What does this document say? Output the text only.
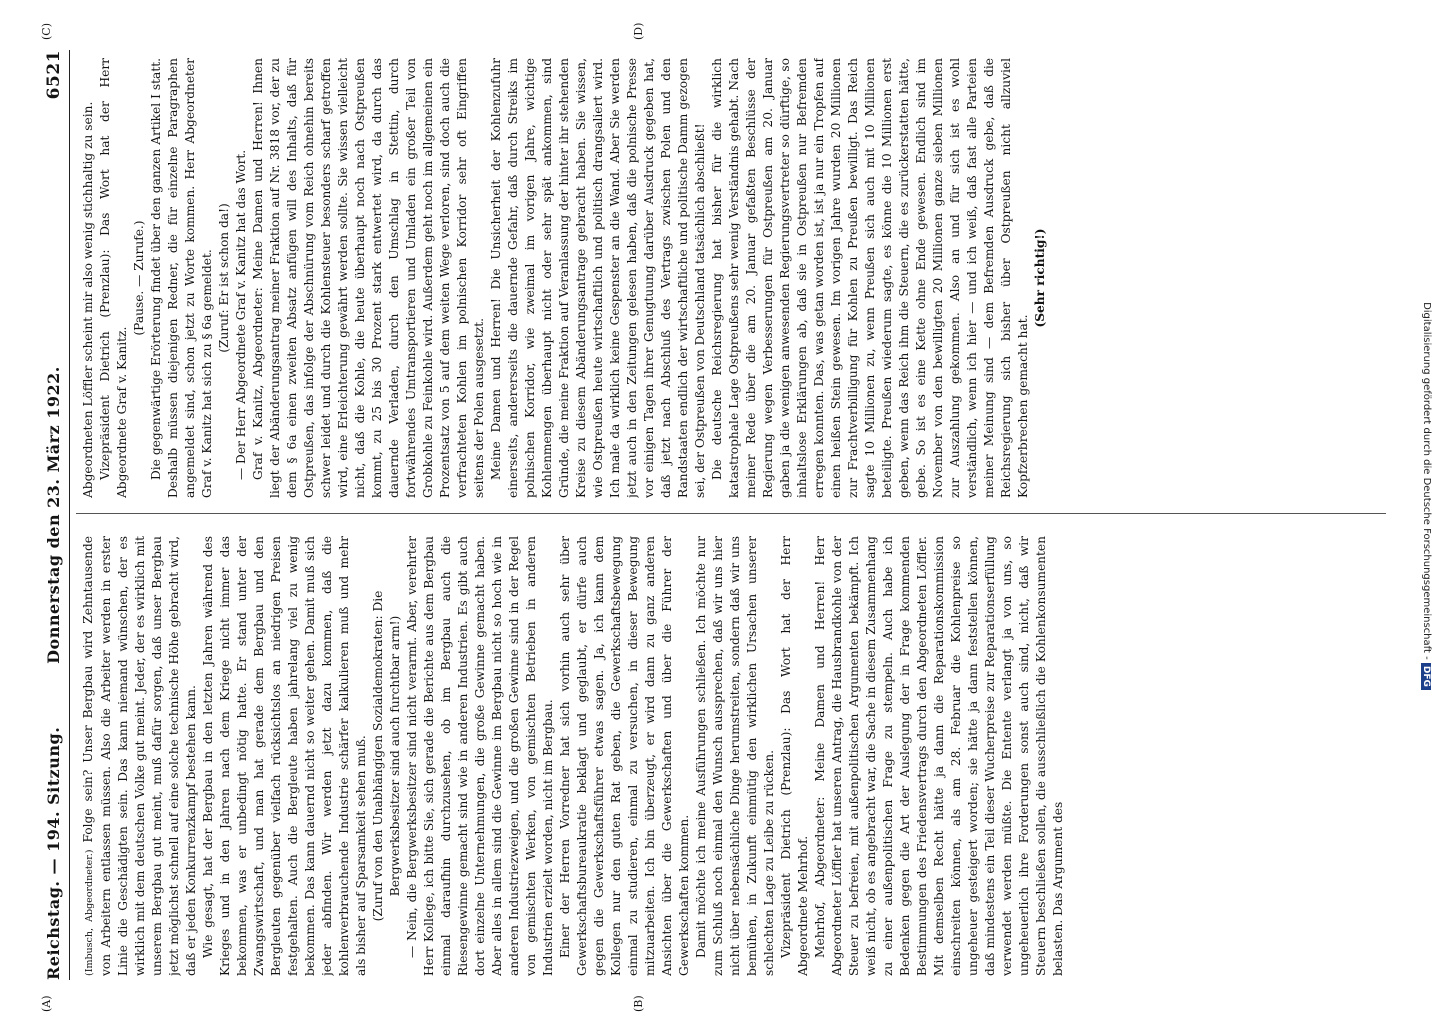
(A)	(B)
(C)	(D)
Reichstag. — 194. Sitzung.
Donnerstag den 23. März 1922.
6521

(Imbusch, Abgeordneter.) Folge sein? Unser Bergbau wird Zehntausende von Arbeitern entlassen müssen. Also die Arbeiter werden in erster Linie die Geschädigten sein. Das kann niemand wünschen, der es wirklich mit dem deutschen Volke gut meint. Jeder, der es wirklich mit unserem Bergbau gut meint, muß dafür sorgen, daß unser Bergbau jetzt möglichst schnell auf eine solche technische Höhe gebracht wird, daß er jeden Konkurrenzkampf bestehen kann. Wie gesagt, hat der Bergbau in den letzten Jahren während des Krieges und in den Jahren nach dem Kriege nicht immer das bekommen, was er unbedingt nötig hatte. Er stand unter der Zwangswirtschaft, und man hat gerade dem Bergbau und den Bergleuten gegenüber vielfach rücksichtslos an niedrigen Preisen festgehalten. Auch die Bergleute haben jahrelang viel zu wenig bekommen. Das kann dauernd nicht so weiter gehen. Damit muß sich jeder abfinden. Wir werden jetzt dazu kommen, daß die kohlenverbrauchende Industrie schärfer kalkulieren muß und mehr als bisher auf Sparsamkeit sehen muß. (Zuruf von den Unabhängigen Sozialdemokraten: Die Bergwerksbesitzer sind auch furchtbar arm!) — Nein, die Bergwerksbesitzer sind nicht verarmt. Aber, verehrter Herr Kollege, ich bitte Sie, sich gerade die Berichte aus dem Bergbau einmal daraufhin durchzusehen, ob im Bergbau auch die Riesengewinne gemacht sind wie in anderen Industrien. Es gibt auch dort einzelne Unternehmungen, die große Gewinne gemacht haben. Aber alles in allem sind die Gewinne im Bergbau nicht so hoch wie in anderen Industriezweigen, und die großen Gewinne sind in der Regel von gemischten Werken, von gemischten Betrieben in anderen Industrien erzielt worden, nicht im Bergbau. Einer der Herren Vorredner hat sich vorhin auch sehr über Gewerkschaftsbureaukratie beklagt und geglaubt, er dürfe auch gegen die Gewerkschaftsführer etwas sagen. Ja, ich kann dem Kollegen nur den guten Rat geben, die Gewerkschaftsbewegung einmal zu studieren, einmal zu versuchen, in dieser Bewegung mitzuarbeiten. Ich bin überzeugt, er wird dann zu ganz anderen Ansichten über die Gewerkschaften und über die Führer der Gewerkschaften kommen. Damit möchte ich meine Ausführungen schließen. Ich möchte nur zum Schluß noch einmal den Wunsch aussprechen, daß wir uns hier nicht über nebensächliche Dinge herumstreiten, sondern daß wir uns bemühen, in Zukunft einmütig den wirklichen Ursachen unserer schlechten Lage zu Leibe zu rücken. Vizepräsident Dietrich (Prenzlau): Das Wort hat der Herr Abgeordnete Mehrhof. Mehrhof, Abgeordneter: Meine Damen und Herren! Herr Abgeordneter Löffler hat unseren Antrag, die Hausbrandkohle von der Steuer zu befreien, mit außenpolitischen Argumenten bekämpft. Ich weiß nicht, ob es angebracht war, die Sache in diesem Zusammenhang zu einer außenpolitischen Frage zu stempeln. Auch habe ich Bedenken gegen die Art der Auslegung der in Frage kommenden Bestimmungen des Friedensvertrags durch den Abgeordneten Löffler. Mit demselben Recht hätte ja dann die Reparationskommission einschreiten können, als am 28. Februar die Kohlenpreise so ungeheuer gesteigert worden; sie hätte ja dann feststellen können, daß mindestens ein Teil dieser Wucherpreise zur Reparationserfüllung verwendet werden müßte. Die Entente verlangt ja von uns, so ungeheuerlich ihre Forderungen sonst auch sind, nicht, daß wir Steuern beschließen sollen, die ausschließlich die Kohlenkonsumenten belasten. Das Argument des

Abgeordneten Löffler scheint mir also wenig stichhaltig zu sein. Vizepräsident Dietrich (Prenzlau): Das Wort hat der Herr Abgeordnete Graf v. Kanitz.

(Pause. — Zurufe.) Die gegenwärtige Erörterung findet über den ganzen Artikel I statt. Deshalb müssen diejenigen Redner, die für einzelne Paragraphen angemeldet sind, schon jetzt zu Worte kommen. Herr Abgeordneter Graf v. Kanitz hat sich zu § 6a gemeldet. (Zuruf: Er ist schon da!) — Der Herr Abgeordnete Graf v. Kanitz hat das Wort. Graf v. Kanitz, Abgeordneter: Meine Damen und Herren! Ihnen liegt der Abänderungsantrag meiner Fraktion auf Nr. 3818 vor, der zu dem § 6a einen zweiten Absatz anfügen will des Inhalts, daß für Ostpreußen, das infolge der Abschnürung vom Reich ohnehin bereits schwer leidet und durch die Kohlensteuer besonders scharf getroffen wird, eine Erleichterung gewährt werden sollte. Sie wissen vielleicht nicht, daß die Kohle, die heute überhaupt noch nach Ostpreußen kommt, zu 25 bis 30 Prozent stark entwertet wird, da durch das dauernde Verladen, durch den Umschlag in Stettin, durch fortwährendes Umtransportieren und Umladen ein großer Teil von Grobkohle zu Feinkohle wird. Außerdem geht noch im allgemeinen ein Prozentsatz von 5 auf dem weiten Wege verloren, sind doch auch die verfrachteten Kohlen im polnischen Korridor sehr oft Eingriffen seitens der Polen ausgesetzt. Meine Damen und Herren! Die Unsicherheit der Kohlenzufuhr einerseits, andererseits die dauernde Gefahr, daß durch Streiks im polnischen Korridor, wie zweimal im vorigen Jahre, wichtige Kohlenmengen überhaupt nicht oder sehr spät ankommen, sind Gründe, die meine Fraktion auf Veranlassung der hinter ihr stehenden Kreise zu diesem Abänderungsantrage gebracht haben. Sie wissen, wie Ostpreußen heute wirtschaftlich und politisch drangsaliert wird. Ich male da wirklich keine Gespenster an die Wand. Aber Sie werden jetzt auch in den Zeitungen gelesen haben, daß die polnische Presse vor einigen Tagen ihrer Genugtuung darüber Ausdruck gegeben hat, daß jetzt nach Abschluß des Vertrags zwischen Polen und den Randstaaten endlich der wirtschaftliche und politische Damm gezogen sei, der Ostpreußen von Deutschland tatsächlich abschließt! Die deutsche Reichsregierung hat bisher für die wirklich katastrophale Lage Ostpreußens sehr wenig Verständnis gehabt. Nach meiner Rede über die am 20. Januar gefaßten Beschlüsse der Regierung wegen Verbesserungen für Ostpreußen am 20. Januar gaben ja die wenigen anwesenden Regierungsvertreter so dürftige, so inhaltslose Erklärungen ab, daß sie in Ostpreußen nur Befremden erregen konnten. Das, was getan worden ist, ist ja nur ein Tropfen auf einen heißen Stein gewesen. Im vorigen Jahre wurden 20 Millionen zur Frachtverbilligung für Kohlen zu Preußen bewilligt. Das Reich sagte 10 Millionen zu, wenn Preußen sich auch mit 10 Millionen beteiligte. Preußen wiederum sagte, es könne die 10 Millionen erst geben, wenn das Reich ihm die Steuern, die es zurückerstatten hätte, gebe. So ist es eine Kette ohne Ende gewesen. Endlich sind im November von den bewilligten 20 Millionen ganze sieben Millionen zur Auszahlung gekommen. Also an und für sich ist es wohl verständlich, wenn ich hier — und ich weiß, daß fast alle Parteien meiner Meinung sind — dem Befremden Ausdruck gebe, daß die Reichsregierung sich bisher über Ostpreußen nicht allzuviel Kopfzerbrechen gemacht hat.

(Sehr richtig!)

Digitalisierung gefördert durch die Deutsche Forschungsgemeinschaft - DFG
